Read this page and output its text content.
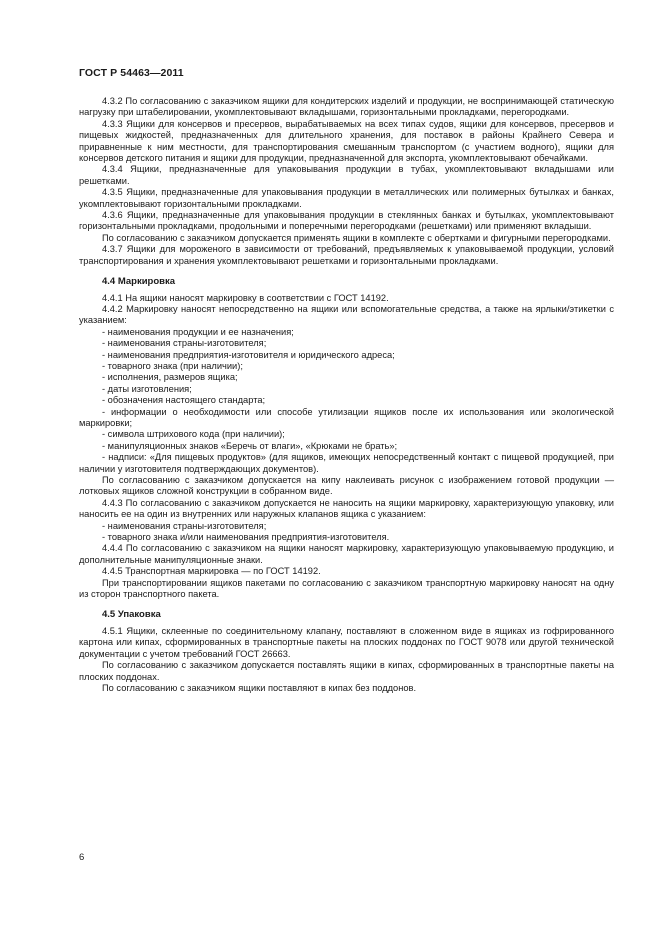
ГОСТ Р 54463—2011

4.3.2 По согласованию с заказчиком ящики для кондитерских изделий и продукции, не воспринимающей статическую нагрузку при штабелировании, укомплектовывают вкладышами, горизонтальными прокладками, перегородками.

4.3.3 Ящики для консервов и пресервов, вырабатываемых на всех типах судов, ящики для консервов, пресервов и пищевых жидкостей, предназначенных для длительного хранения, для поставок в районы Крайнего Севера и приравненные к ним местности, для транспортирования смешанным транспортом (с участием водного), ящики для консервов детского питания и ящики для продукции, предназначенной для экспорта, укомплектовывают обечайками.

4.3.4 Ящики, предназначенные для упаковывания продукции в тубах, укомплектовывают вкладышами или решетками.

4.3.5 Ящики, предназначенные для упаковывания продукции в металлических или полимерных бутылках и банках, укомплектовывают горизонтальными прокладками.

4.3.6 Ящики, предназначенные для упаковывания продукции в стеклянных банках и бутылках, укомплектовывают горизонтальными прокладками, продольными и поперечными перегородками (решетками) или применяют вкладыши.

По согласованию с заказчиком допускается применять ящики в комплекте с обертками и фигурными перегородками.

4.3.7 Ящики для мороженого в зависимости от требований, предъявляемых к упаковываемой продукции, условий транспортирования и хранения укомплектовывают решетками и горизонтальными прокладками.

4.4 Маркировка

4.4.1 На ящики наносят маркировку в соответствии с ГОСТ 14192.

4.4.2 Маркировку наносят непосредственно на ящики или вспомогательные средства, а также на ярлыки/этикетки с указанием:

- наименования продукции и ее назначения;

- наименования страны-изготовителя;

- наименования предприятия-изготовителя и юридического адреса;

- товарного знака (при наличии);

- исполнения, размеров ящика;

- даты изготовления;

- обозначения настоящего стандарта;

- информации о необходимости или способе утилизации ящиков после их использования или экологической маркировки;

- символа штрихового кода (при наличии);

- манипуляционных знаков «Беречь от влаги», «Крюками не брать»;

- надписи: «Для пищевых продуктов» (для ящиков, имеющих непосредственный контакт с пищевой продукцией, при наличии у изготовителя подтверждающих документов).

По согласованию с заказчиком допускается на кипу наклеивать рисунок с изображением готовой продукции — лотковых ящиков сложной конструкции в собранном виде.

4.4.3 По согласованию с заказчиком допускается не наносить на ящики маркировку, характеризующую упаковку, или наносить ее на один из внутренних или наружных клапанов ящика с указанием:

- наименования страны-изготовителя;

- товарного знака и/или наименования предприятия-изготовителя.

4.4.4 По согласованию с заказчиком на ящики наносят маркировку, характеризующую упаковываемую продукцию, и дополнительные манипуляционные знаки.

4.4.5 Транспортная маркировка — по ГОСТ 14192.

При транспортировании ящиков пакетами по согласованию с заказчиком транспортную маркировку наносят на одну из сторон транспортного пакета.

4.5 Упаковка

4.5.1 Ящики, склеенные по соединительному клапану, поставляют в сложенном виде в ящиках из гофрированного картона или кипах, сформированных в транспортные пакеты на плоских поддонах по ГОСТ 9078 или другой технической документации с учетом требований ГОСТ 26663.

По согласованию с заказчиком допускается поставлять ящики в кипах, сформированных в транспортные пакеты на плоских поддонах.

По согласованию с заказчиком ящики поставляют в кипах без поддонов.

6
